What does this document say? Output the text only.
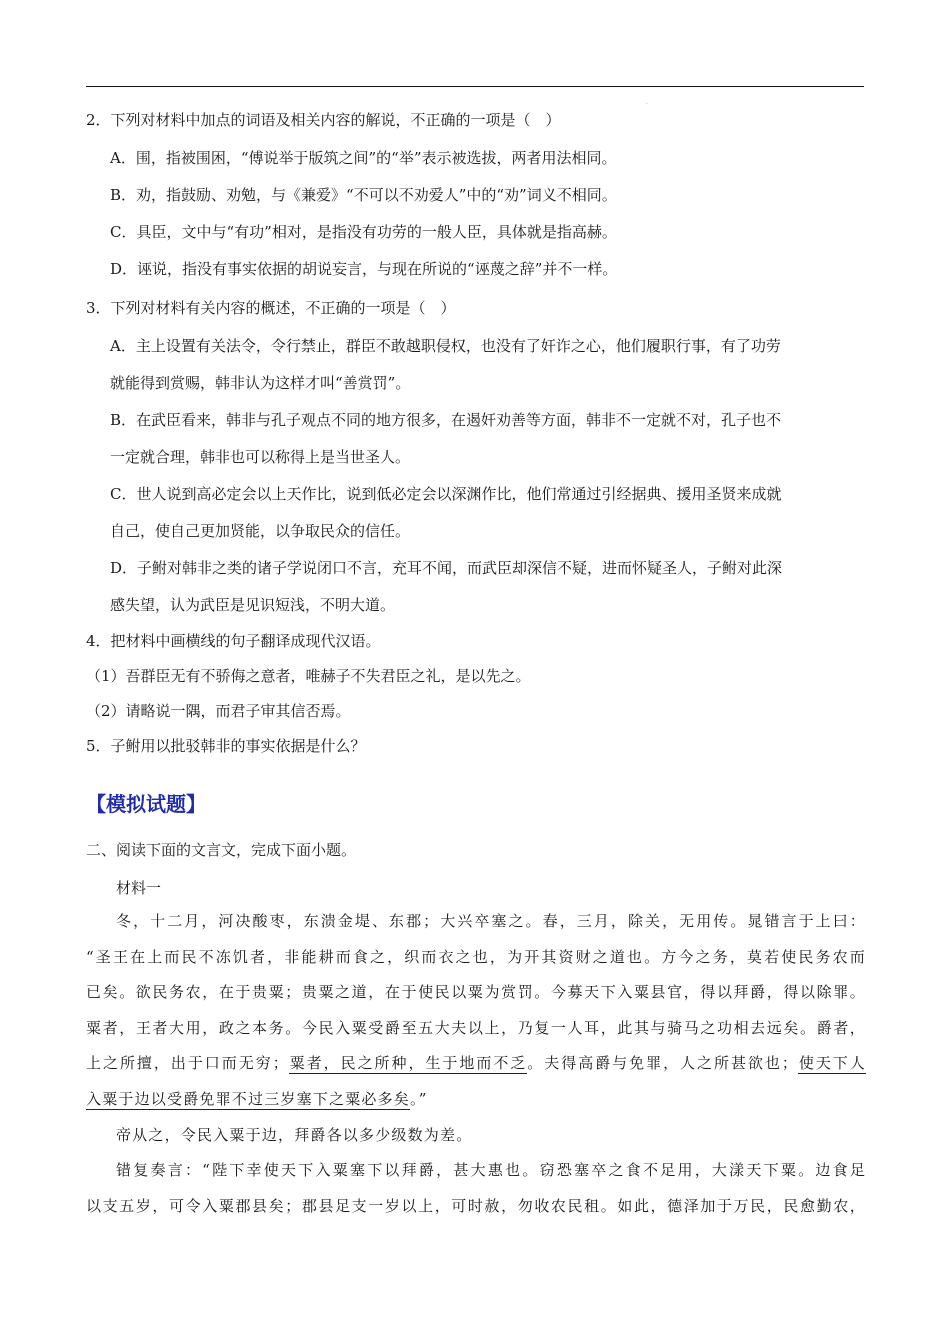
.

2．下列对材料中加点的词语及相关内容的解说，不正确的一项是（　）

A．围，指被围困，“傅说举于版筑之间”的“举”表示被选拔，两者用法相同。

B．劝，指鼓励、劝勉，与《兼爱》“不可以不劝爱人”中的“劝”词义不相同。

C．具臣，文中与“有功”相对，是指没有功劳的一般人臣，具体就是指高赫。

D．诬说，指没有事实依据的胡说妄言，与现在所说的“诬蔑之辞”并不一样。

3．下列对材料有关内容的概述，不正确的一项是（　）

A．主上设置有关法令，令行禁止，群臣不敢越职侵权，也没有了奸诈之心，他们履职行事，有了功劳

就能得到赏赐，韩非认为这样才叫“善赏罚”。

B．在武臣看来，韩非与孔子观点不同的地方很多，在遏奸劝善等方面，韩非不一定就不对，孔子也不

一定就合理，韩非也可以称得上是当世圣人。

C．世人说到高必定会以上天作比，说到低必定会以深渊作比，他们常通过引经据典、援用圣贤来成就

自己，使自己更加贤能，以争取民众的信任。

D．子鲋对韩非之类的诸子学说闭口不言，充耳不闻，而武臣却深信不疑，进而怀疑圣人，子鲋对此深

感失望，认为武臣是见识短浅，不明大道。

4．把材料中画横线的句子翻译成现代汉语。

（1）吾群臣无有不骄侮之意者，唯赫子不失君臣之礼，是以先之。

（2）请略说一隅，而君子审其信否焉。

5．子鲋用以批驳韩非的事实依据是什么？

【模拟试题】

二、阅读下面的文言文，完成下面小题。

材料一

冬，十二月，河决酸枣，东溃金堤、东郡；大兴卒塞之。春，三月，除关，无用传。晁错言于上曰：

“圣王在上而民不冻饥者，非能耕而食之，织而衣之也，为开其资财之道也。方今之务，莫若使民务农而

已矣。欲民务农，在于贵粟；贵粟之道，在于使民以粟为赏罚。今募天下入粟县官，得以拜爵，得以除 ·罪。

粟者，王者大用，政之本务。今民入粟受爵至五大夫以上，乃复一人耳，此其与骑马之功相去远矣。爵者，

上之所擅，出于口而无穷；粟者，民之所种，生于地而不乏。夫得高爵与免罪，人之所甚欲也；使天下人

入粟于边以受爵免罪不过三岁塞下之粟必多矣。”

帝从之，令民入粟于边，拜爵各以多少级数为差。

错复奏言：“陛下幸使天下入粟塞下以拜爵，甚大惠也。窃 ·恐塞卒之食不足用，大漾天下粟。边食足

以支五岁，可令入粟郡县矣；郡县足支一岁以上，可时赦，勿收农民租。如此，德泽加于万民，民愈勤农，
